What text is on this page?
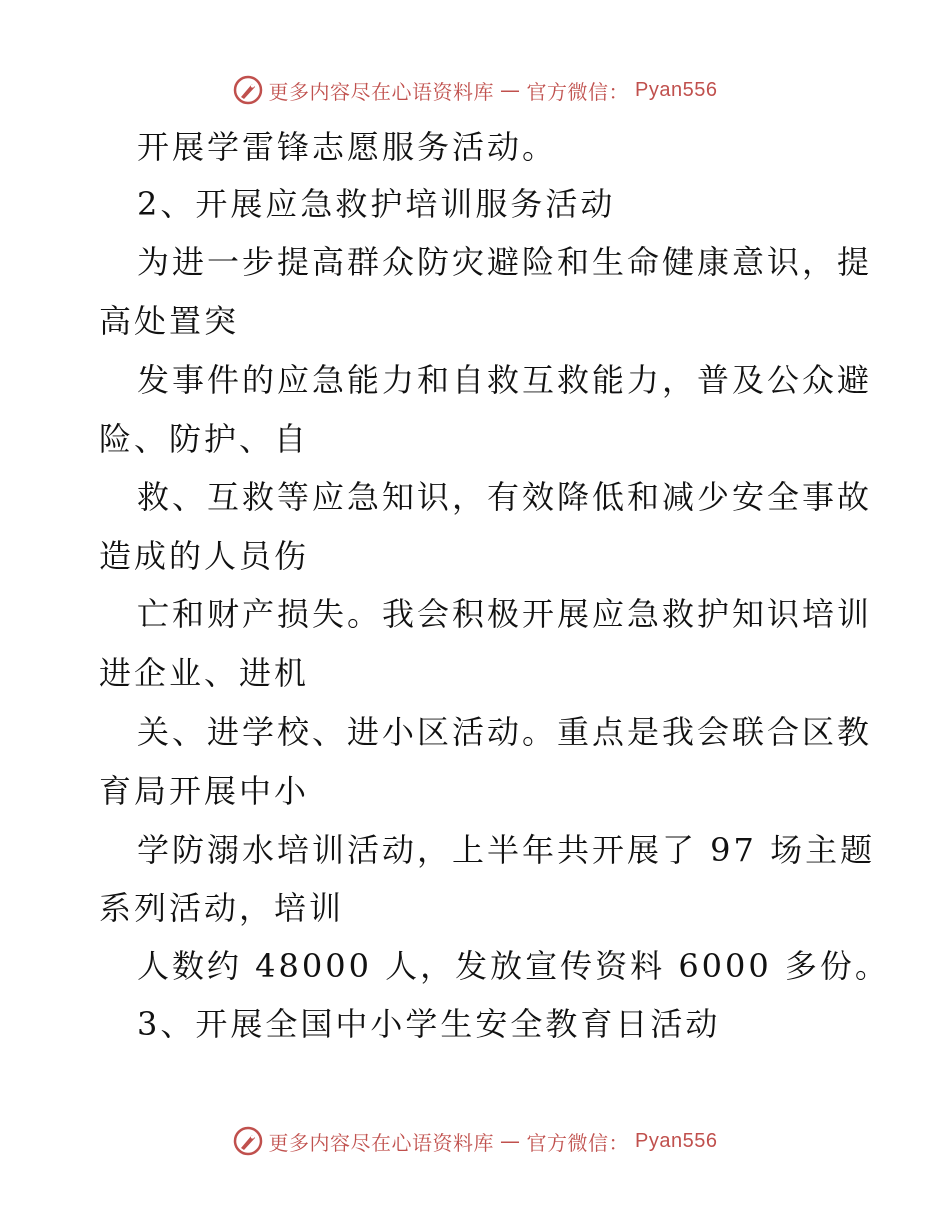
更多内容尽在心语资料库 — 官方微信： Pyan556
开展学雷锋志愿服务活动。
2、开展应急救护培训服务活动
为进一步提高群众防灾避险和生命健康意识，提
高处置突
发事件的应急能力和自救互救能力，普及公众避
险、防护、自
救、互救等应急知识，有效降低和减少安全事故
造成的人员伤
亡和财产损失。我会积极开展应急救护知识培训
进企业、进机
关、进学校、进小区活动。重点是我会联合区教
育局开展中小
学防溺水培训活动，上半年共开展了 97 场主题
系列活动，培训
人数约 48000 人，发放宣传资料 6000 多份。
3、开展全国中小学生安全教育日活动
更多内容尽在心语资料库 — 官方微信： Pyan556
